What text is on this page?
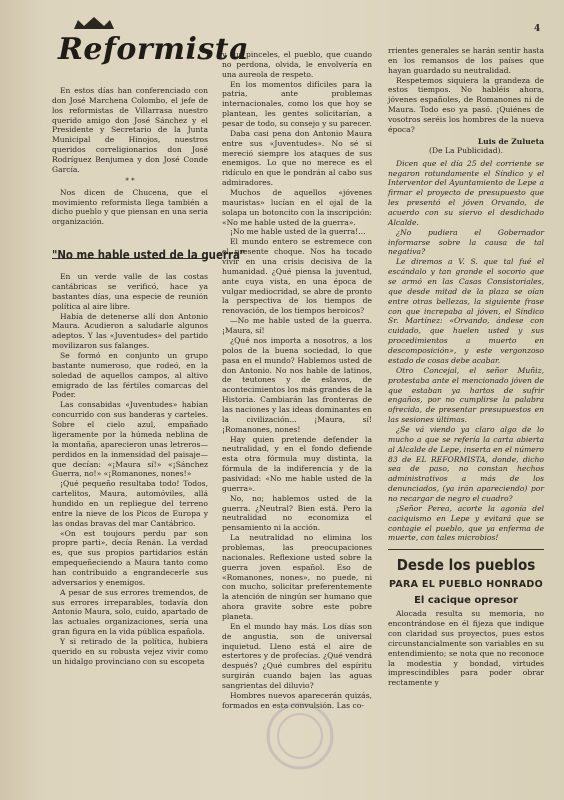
Reformista
4

En estos días han conferenciado con don José Marchena Colombo, el jefe de los reformistas de Villarrasa nuestro querido amigo don José Sánchez y el Presidente y Secretario de la Junta Municipal de Hinojos, nuestros queridos correligionarios don José Rodríguez Benjumea y don José Conde García.

* *

Nos dicen de Chucena, que el movimiento reformista llega también a dicho pueblo y que piensan en una seria organización.

"No me hable usted de la guerra"

En un verde valle de las costas cantábricas se verificó, hace ya bastantes días, una especie de reunión política al aire libre.

Había de detenerse allí don Antonio Maura. Acudieron a saludarle algunos adeptos. Y las «Juventudes» del partido movilizaron sus falanges.

Se formó en conjunto un grupo bastante numeroso, que rodeó, en la soledad de aquellos campos, al altivo emigrado de las fértiles comarcas del Poder.

Las consabidas «Juventudes» habían concurrido con sus banderas y carteles. Sobre el cielo azul, empañado ligeramente por la húmeda neblina de la montaña, aparecieron unas letreros—perdidos en la inmensidad del paisaje—que decían: «¡Maura sí!» «¡Sánchez Guerra, no!» «¡Romanones, nones!»

¡Qué pequeño resultaba todo! Todos, cartelitos, Maura, automóviles, allá hundido en un repliegue del terreno entre la nieve de los Picos de Europa y las ondas bravas del mar Cantábrico.

«On est toujours perdu par son propre parti», decía Renán. La verdad es, que sus propios partidarios están empequeñeciendo a Maura tanto como han contribuido a engrandecerle sus adversarios y enemigos.

A pesar de sus errores tremendos, de sus errores irreparables, todavía don Antonio Maura, solo, cuido, apartado de las actuales organizaciones, sería una gran figura en la vida pública española.

Y si retirado de la política, hubiera querido en su robusta vejez vivir como un hidalgo provinciano con su escopeta

y sus pinceles, el pueblo, que cuando no perdona, olvida, le envolvería en una aureola de respeto.

En los momentos difíciles para la patria, ante problemas internacionales, como los que hoy se plantean, les gentes solicitarían, a pesar de todo, su consejo y su parecer.

Daba casi pena don Antonio Maura entre sus «Juventudes». No sé si mereció siempre los ataques de sus enemigos. Lo que no merece es el ridículo en que le pondrán al cabo sus admiradores.

Muchos de aquellos «jóvenes mauristas» lucían en el ojal de la solapa un botoncito con la inscripción: «No me hable usted de la guerra».

¡No me hable usted de la guerra!...

El mundo entero se estremece con el presente choque. Nos ha tocado vivir en una crisis decisiva de la humanidad. ¿Qué piensa la juventud, ante cuya vista, en una época de vulgar mediocridad, se abre de pronto la perspectiva de los tiempos de renovación, de los tiempos heroicos?

—No me hable usted de la guerra. ¡Maura, sí!

¿Qué nos importa a nosotros, a los polos de la buena sociedad, lo que pasa en el mundo? Hablemos usted de don Antonio. No nos hable de latinos, de teutones y de eslavos, de acontecimientos los más grandes de la Historia. Cambiarán las fronteras de las naciones y las ideas dominantes en la civilización... ¡Maura, sí! ¡Romanones, nones!

Hay quien pretende defender la neutralidad, y en el fondo defiende esta otra fórmula muy distinta, la fórmula de la indiferencia y de la pasividad: «No me hable usted de la guerra».

No, no; hablemos usted de la guerra. ¿Neutral? Bien está. Pero la neutralidad no economiza el pensamiento ni la acción.

La neutralidad no elimina los problemas, las preocupaciones nacionales. Reflexione usted sobre la guerra joven español. Eso de «Romanones, nones», no puede, ni con mucho, solicitar preferentemente la atención de ningún ser humano que ahora gravite sobre este pobre planeta.

En el mundo hay más. Los días son de angustia, son de universal inquietud. Lleno está el aire de estertores y de profecías. ¿Qué vendrá después? ¿Qué cumbres del espíritu surgirán cuando bajen las aguas sangrientas del diluvio?

Hombres nuevos aparecerán quizás, formados en esta convulsión. Las co-

rrientes generales se harán sentir hasta en los remansos de los países que hayan guardado su neutralidad.

Respetemos siquiera la grandeza de estos tiempos. No habléis ahora, jóvenes españoles, de Romanones ni de Maura. Todo eso ya pasó. ¡Quiénes de vosotros seréis los hombres de la nueva época?

Luis de Zulueta
(De La Publicidad).

Dicen que el día 25 del corriente se negaron rotundamente el Síndico y el Interventor del Ayuntamiento de Lepe a firmar el proyecto de presupuesto que les presentó el jóven Orvando, de acuerdo con su siervo el desdichado Alcalde.

¿No pudiera el Gobernador informarse sobre la causa de tal negativa?

Le diremos a V. S. que tal fué el escándalo y tan grande el socorio que se armó en las Casas Consistoriales, que desde mitad de la plaza se oían entre otras bellezas, la siguiente frase con que increpaba al jóven, el Síndico Sr. Martínez: «Orvando, ándese con cuidado, que huelen usted y sus procedimientos a muerto en descomposición», y este vergonzoso estado de cosas debe acabar.

Otro Concejal, el señor Muñiz, protestaba ante el mencionado jóven de que estaban ya hartos de sufrir engaños, por no cumplirse la palabra ofrecida, de presentar presupuestos en las sesiones últimas.

¿Se vá viendo ya claro algo de lo mucho a que se refería la carta abierta al Alcalde de Lepe, inserta en el número 83 de EL REFORMISTA, donde, dicho sea de paso, no constan hechos administrativos a más de los denunciados, (ya irán apareciendo) por no recargar de negro el cuadro?

¡Señor Perea, acorte la agonía del caciquismo en Lepe y evitará que se contagie el pueblo, que ya enferma de muerte, con tales microbios!

Desde los pueblos
PARA EL PUEBLO HONRADO
El cacique opresor

Alocada resulta su memoria, no encontrándose en él fijeza que indique con claridad sus proyectos, pues estos circunstancialmente son variables en su entendimiento; se nota que no reconoce la modestia y bondad, virtudes imprescindibles para poder obrar rectamente y
